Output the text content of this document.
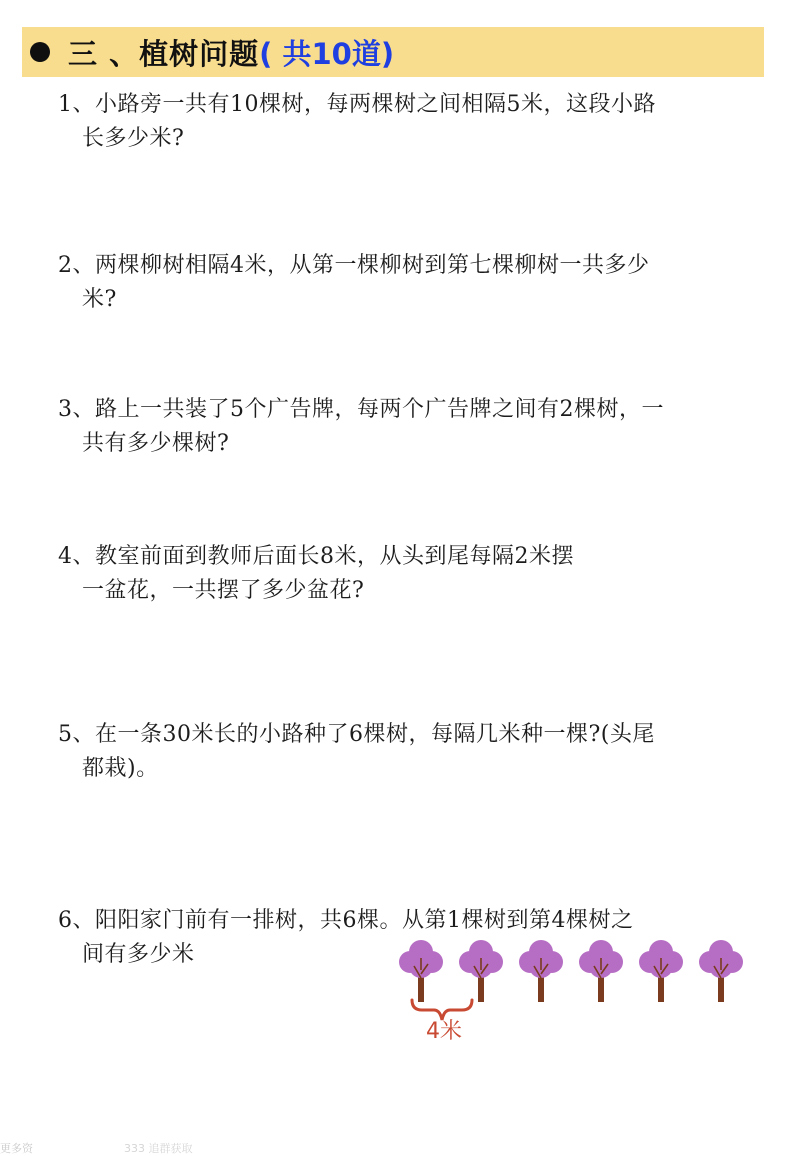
三 、植树问题 ( 共10道)
1、小路旁一共有10棵树，每两棵树之间相隔5米，这段小路
长多少米?
2、两棵柳树相隔4米，从第一棵柳树到第七棵柳树一共多少
米?
3、路上一共装了5个广告牌，每两个广告牌之间有2棵树，一
共有多少棵树?
4、教室前面到教师后面长8米，从头到尾每隔2米摆
一盆花，一共摆了多少盆花?
5、在一条30米长的小路种了6棵树，每隔几米种一棵?(头尾
都栽)。
6、阳阳家门前有一排树，共6棵。从第1棵树到第4棵树之
间有多少米
4米
更多资	333 追群获取
